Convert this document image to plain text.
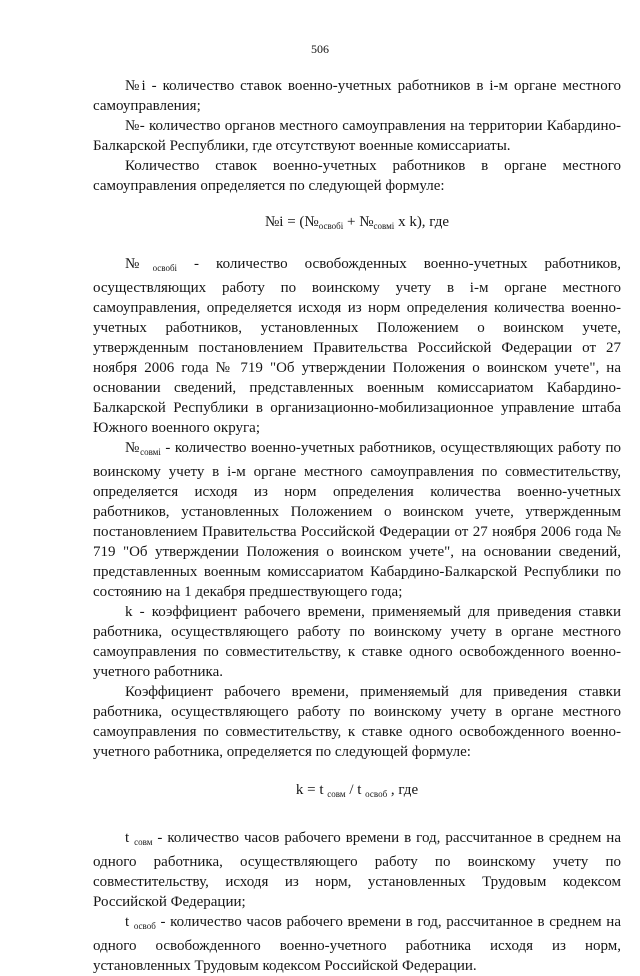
506

№i - количество ставок военно-учетных работников в i-м органе местного самоуправления;

№- количество органов местного самоуправления на территории Кабардино-Балкарской Республики, где отсутствуют военные комиссариаты.

Количество ставок военно-учетных работников в органе местного самоуправления определяется по следующей формуле:

№i = ($№_{освобi}$ + $№_{совмi}$ x k), где

$№_{освобi}$ - количество освобожденных военно-учетных работников, осуществляющих работу по воинскому учету в i-м органе местного самоуправления, определяется исходя из норм определения количества военно-учетных работников, установленных Положением о воинском учете, утвержденным постановлением Правительства Российской Федерации от 27 ноября 2006 года № 719 "Об утверждении Положения о воинском учете", на основании сведений, представленных военным комиссариатом Кабардино-Балкарской Республики в организационно-мобилизационное управление штаба Южного военного округа;

$№_{совмi}$ - количество военно-учетных работников, осуществляющих работу по воинскому учету в i-м органе местного самоуправления по совместительству, определяется исходя из норм определения количества военно-учетных работников, установленных Положением о воинском учете, утвержденным постановлением Правительства Российской Федерации от 27 ноября 2006 года № 719 "Об утверждении Положения о воинском учете", на основании сведений, представленных военным комиссариатом Кабардино-Балкарской Республики по состоянию на 1 декабря предшествующего года;

k - коэффициент рабочего времени, применяемый для приведения ставки работника, осуществляющего работу по воинскому учету в органе местного самоуправления по совместительству, к ставке одного освобожденного военно-учетного работника.

Коэффициент рабочего времени, применяемый для приведения ставки работника, осуществляющего работу по воинскому учету в органе местного самоуправления по совместительству, к ставке одного освобожденного военно-учетного работника, определяется по следующей формуле:

k = t $_{совм}$ / t $_{освоб}$ , где

t $_{совм}$ - количество часов рабочего времени в год, рассчитанное в среднем на одного работника, осуществляющего работу по воинскому учету по совместительству, исходя из норм, установленных Трудовым кодексом Российской Федерации;

t $_{освоб}$ - количество часов рабочего времени в год, рассчитанное в среднем на одного освобожденного военно-учетного работника исходя из норм, установленных Трудовым кодексом Российской Федерации.
